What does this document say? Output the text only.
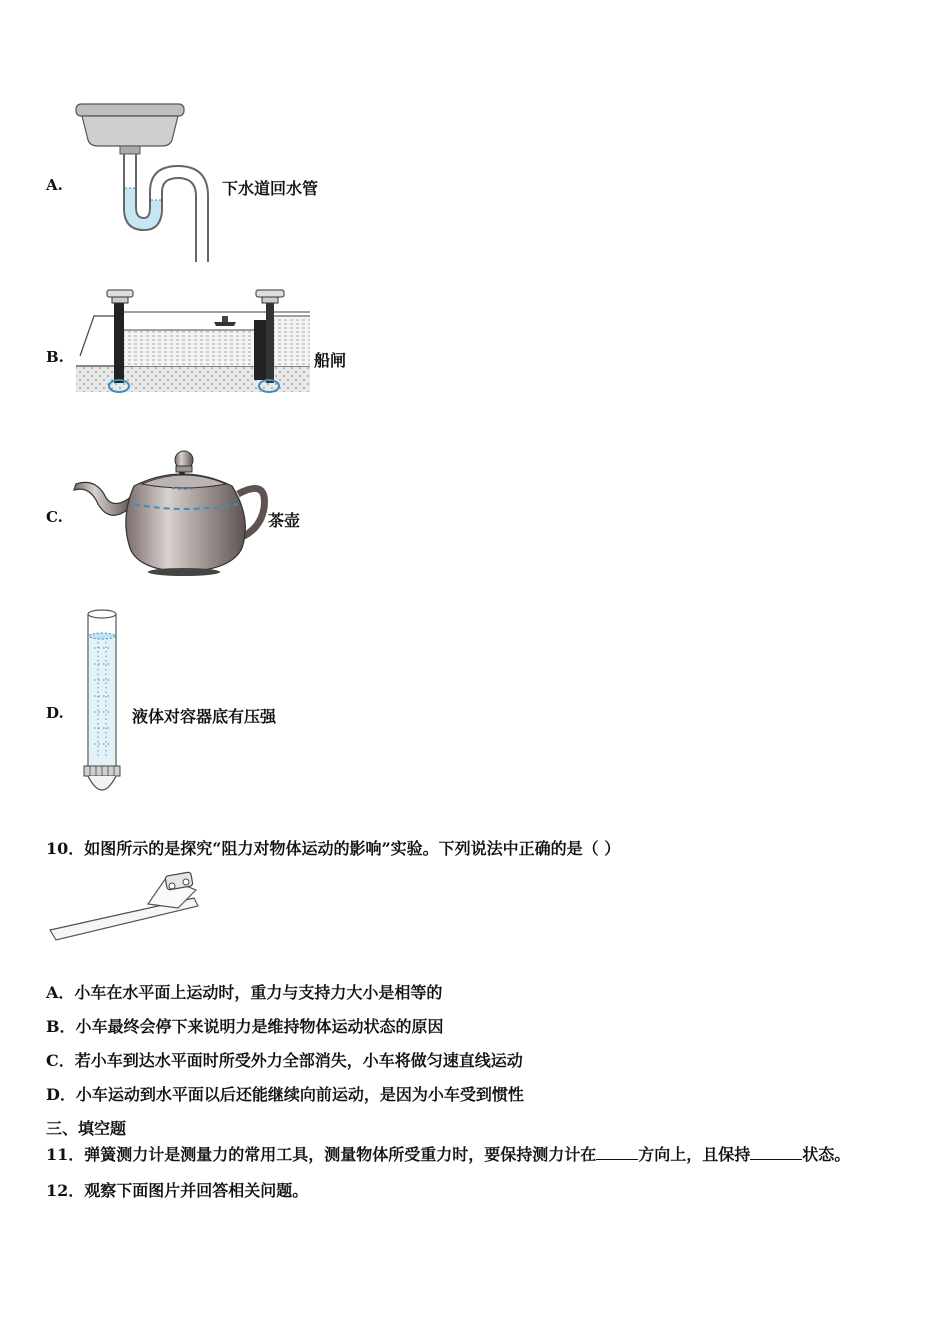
A.	下水道回水管
B.	船闸
C.	茶壶
D.	液体对容器底有压强
10．如图所示的是探究“阻力对物体运动的影响”实验。下列说法中正确的是（ ）
A．小车在水平面上运动时，重力与支持力大小是相等的
B．小车最终会停下来说明力是维持物体运动状态的原因
C．若小车到达水平面时所受外力全部消失，小车将做匀速直线运动
D．小车运动到水平面以后还能继续向前运动，是因为小车受到惯性
三、填空题
11．弹簧测力计是测量力的常用工具，测量物体所受重力时，要保持测力计在	方向上，且保持	状态。
12．观察下面图片并回答相关问题。
